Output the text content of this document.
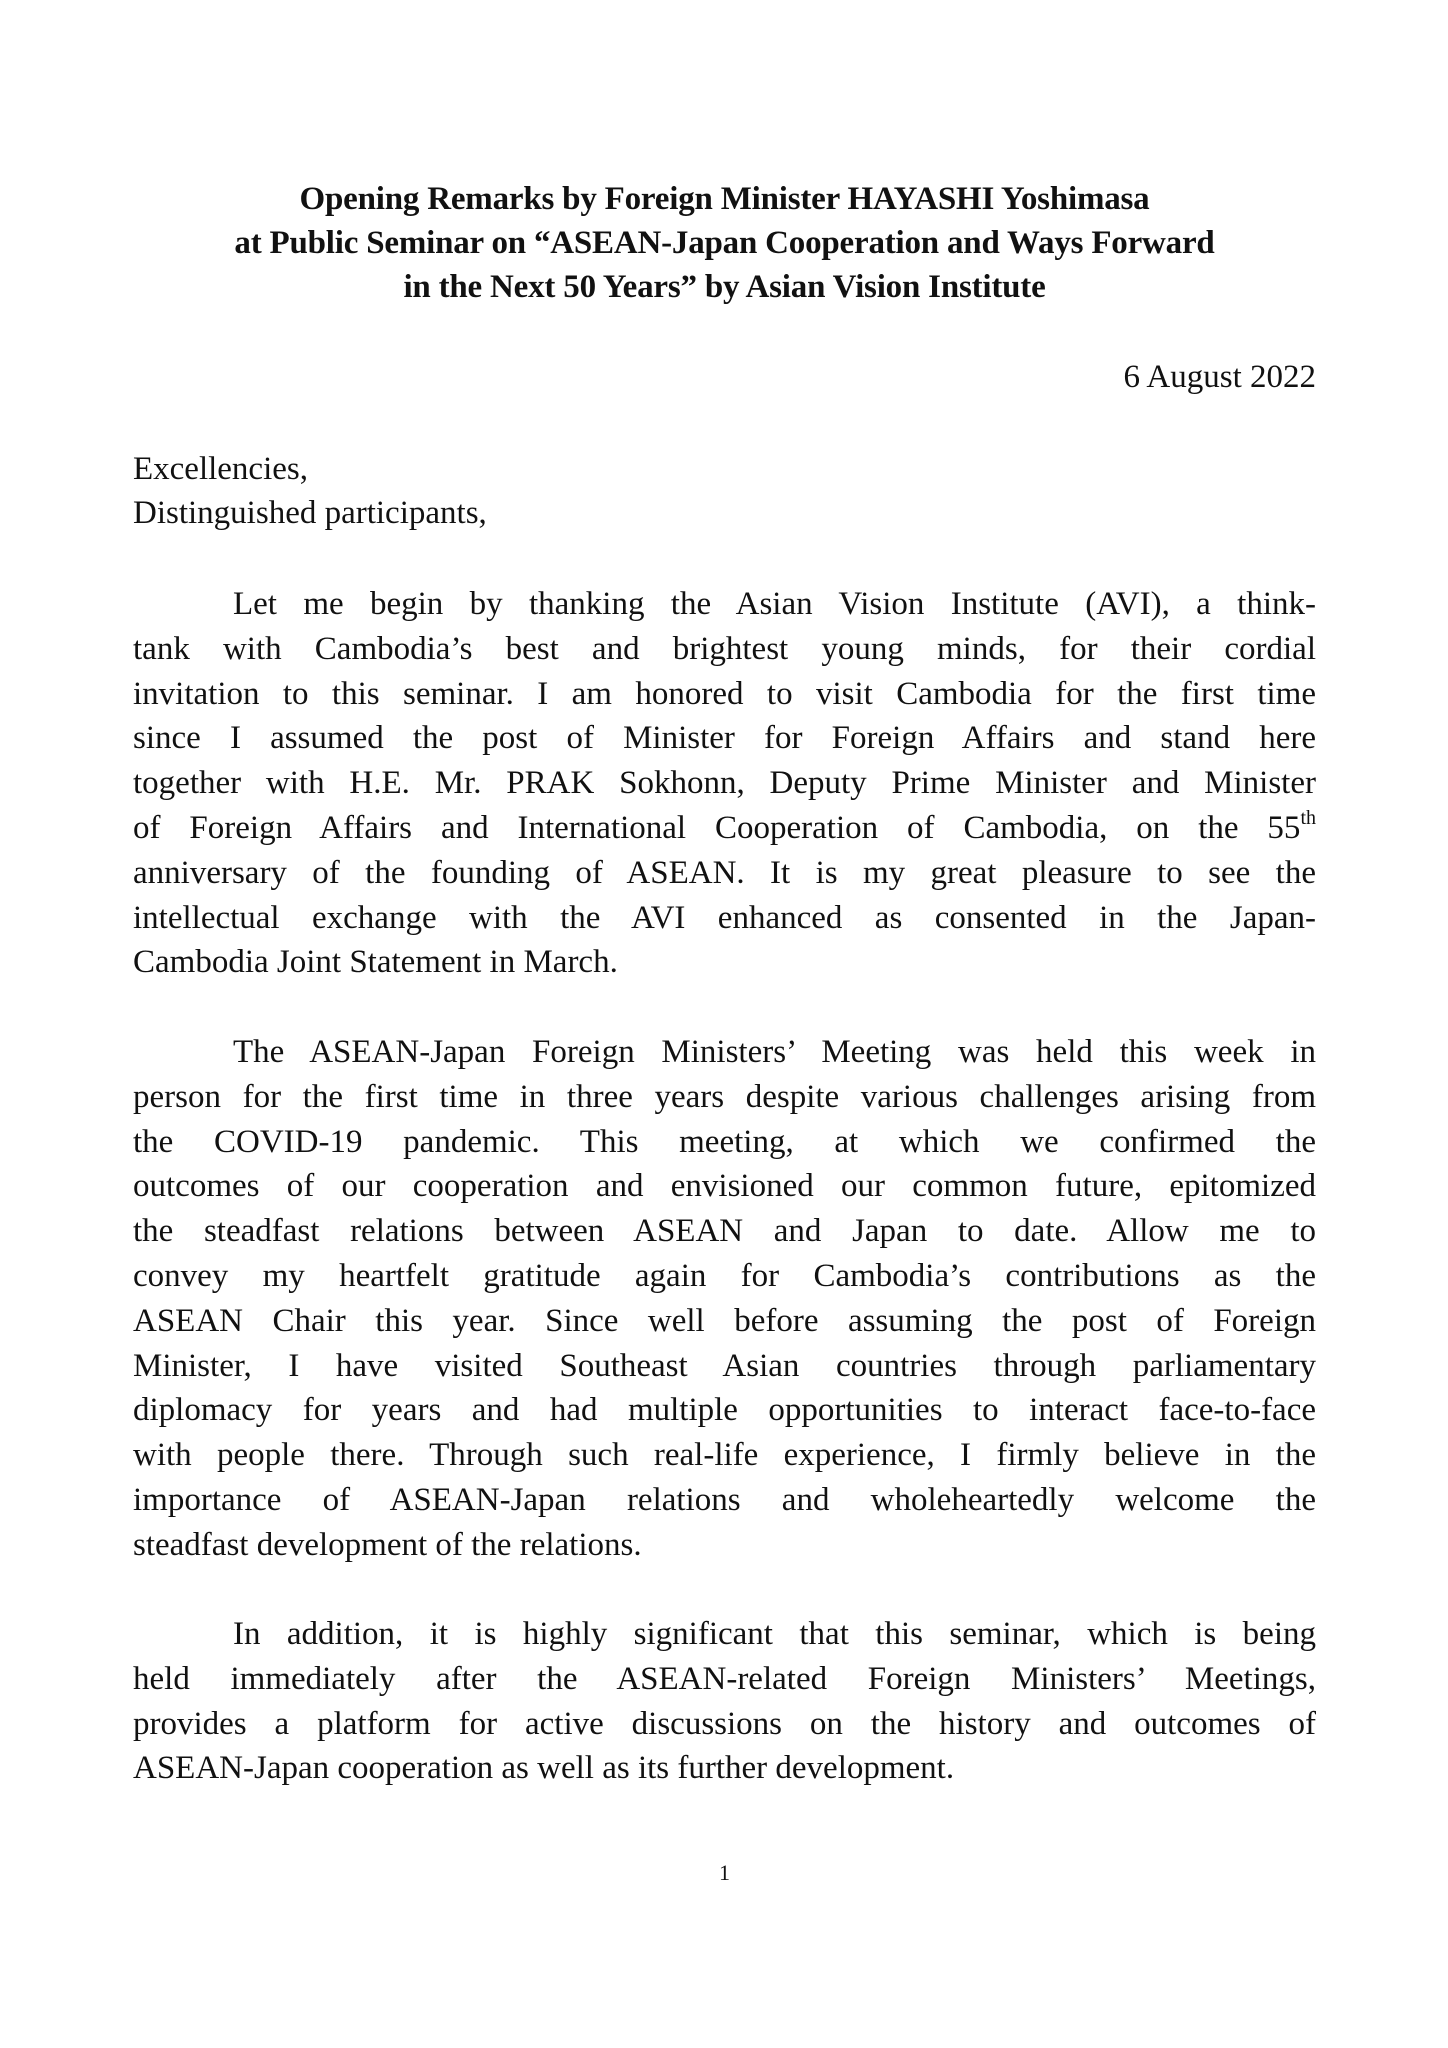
Opening Remarks by Foreign Minister HAYASHI Yoshimasa
at Public Seminar on “ASEAN-Japan Cooperation and Ways Forward
in the Next 50 Years” by Asian Vision Institute
6 August 2022
Excellencies,
Distinguished participants,
Let me begin by thanking the Asian Vision Institute (AVI), a think-
tank with Cambodia’s best and brightest young minds, for their cordial
invitation to this seminar. I am honored to visit Cambodia for the first time
since I assumed the post of Minister for Foreign Affairs and stand here
together with H.E. Mr. PRAK Sokhonn, Deputy Prime Minister and Minister
of Foreign Affairs and International Cooperation of Cambodia, on the 55th
anniversary of the founding of ASEAN. It is my great pleasure to see the
intellectual exchange with the AVI enhanced as consented in the Japan-
Cambodia Joint Statement in March.
The ASEAN-Japan Foreign Ministers’ Meeting was held this week in
person for the first time in three years despite various challenges arising from
the COVID-19 pandemic. This meeting, at which we confirmed the
outcomes of our cooperation and envisioned our common future, epitomized
the steadfast relations between ASEAN and Japan to date. Allow me to
convey my heartfelt gratitude again for Cambodia’s contributions as the
ASEAN Chair this year. Since well before assuming the post of Foreign
Minister, I have visited Southeast Asian countries through parliamentary
diplomacy for years and had multiple opportunities to interact face-to-face
with people there. Through such real-life experience, I firmly believe in the
importance of ASEAN-Japan relations and wholeheartedly welcome the
steadfast development of the relations.
In addition, it is highly significant that this seminar, which is being
held immediately after the ASEAN-related Foreign Ministers’ Meetings,
provides a platform for active discussions on the history and outcomes of
ASEAN-Japan cooperation as well as its further development.
1
